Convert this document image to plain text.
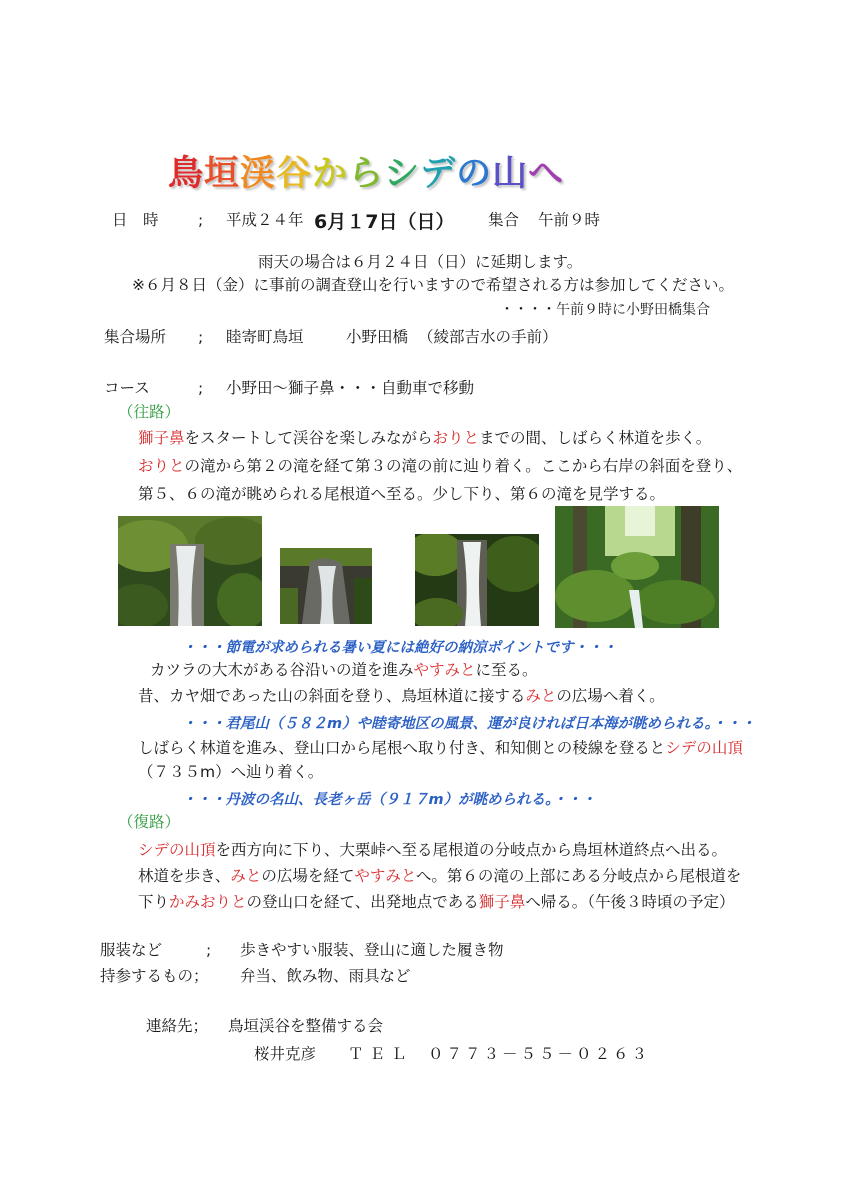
鳥垣渓谷からシデの山へ
日　時	; 平成２４年 6月１7日（日） 集合 午前９時
雨天の場合は６月２４日（日）に延期します。
※６月８日（金）に事前の調査登山を行いますので希望される方は参加してください。
・・・・午前９時に小野田橋集合
集合場所 ; 睦寄町鳥垣	小野田橋 （綾部吉水の手前）
コース	; 小野田～獅子鼻・・・自動車で移動
（往路）
獅子鼻をスタートして渓谷を楽しみながらおりとまでの間、しばらく林道を歩く。
おりとの滝から第２の滝を経て第３の滝の前に辿り着く。ここから右岸の斜面を登り、
第５、６の滝が眺められる尾根道へ至る。少し下り、第６の滝を見学する。
・・・節電が求められる暑い夏には絶好の納涼ポイントです・・・
カツラの大木がある谷沿いの道を進みやすみとに至る。
昔、カヤ畑であった山の斜面を登り、鳥垣林道に接するみとの広場へ着く。
・・・君尾山（５８２m）や睦寄地区の風景、運が良ければ日本海が眺められる。・・・
しばらく林道を進み、登山口から尾根へ取り付き、和知側との稜線を登るとシデの山頂
（７３５m）へ辿り着く。
・・・丹波の名山、長老ヶ岳（９１７m）が眺められる。・・・
（復路）
シデの山頂を西方向に下り、大栗峠へ至る尾根道の分岐点から鳥垣林道終点へ出る。
林道を歩き、みとの広場を経てやすみとへ。第６の滝の上部にある分岐点から尾根道を
下りかみおりとの登山口を経て、出発地点である獅子鼻へ帰る。（午後３時頃の予定）
服装など	; 歩きやすい服装、登山に適した履き物
持参するもの； 弁当、飲み物、雨具など
連絡先； 鳥垣渓谷を整備する会
桜井克彦 ＴＥＬ ０７７３－５５－０２６３
